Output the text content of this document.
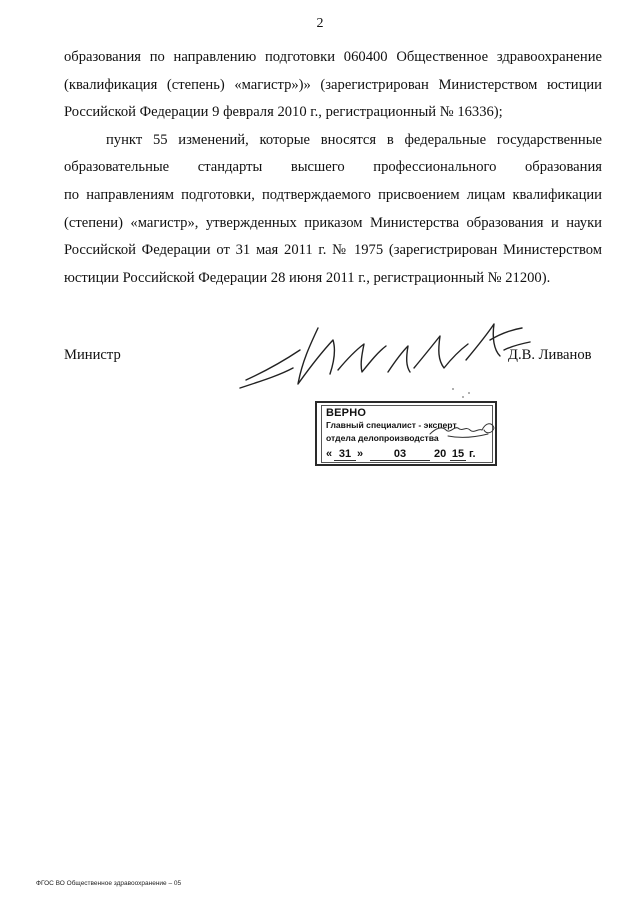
2
образования по направлению подготовки 060400 Общественное здравоохранение
(квалификация (степень) «магистр»)» (зарегистрирован Министерством юстиции
Российской Федерации 9 февраля 2010 г., регистрационный № 16336);
пункт 55 изменений, которые вносятся в федеральные государственные
образовательные стандарты высшего профессионального образования
по направлениям подготовки, подтверждаемого присвоением лицам квалификации
(степени) «магистр», утвержденных приказом Министерства образования и науки
Российской Федерации от 31 мая 2011 г. № 1975 (зарегистрирован Министерством
юстиции Российской Федерации 28 июня 2011 г., регистрационный № 21200).
Министр	Д.В. Ливанов
ВЕРНО
Главный специалист - эксперт
отдела делопроизводства
« 31 »	03	20 15 г.
ФГОС ВО Общественное здравоохранение – 05
